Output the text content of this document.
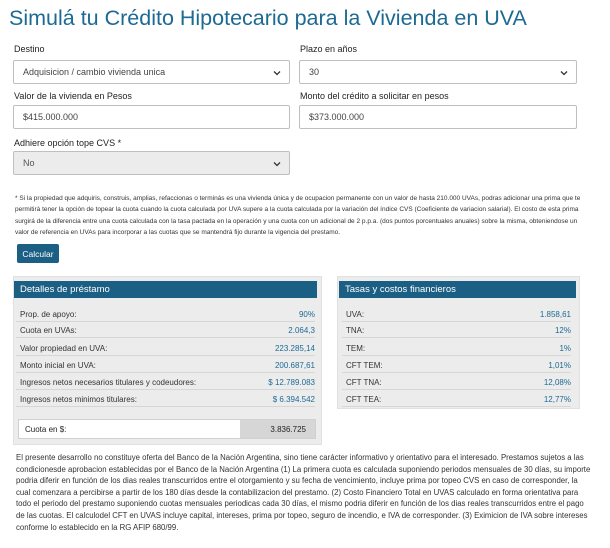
Simulá tu Crédito Hipotecario para la Vivienda en UVA
Destino
Adquisicion / cambio vivienda unica
Plazo en años
30
Valor de la vivienda en Pesos
$415.000.000
Monto del crédito a solicitar en pesos
$373.000.000
Adhiere opción tope CVS *
No

* Si la propiedad que adquiris, construis, amplias, refaccionas o terminás es una vivienda única y de ocupacion permanente con un valor de hasta 210.000 UVAs, podras adicionar una prima que te permitirá tener la opción de topear la cuota cuando la cuota calculada por UVA supere a la cuota calculada por la variación del índice CVS (Coeficiente de variacion salarial). El costo de esta prima surgirá de la diferencia entre una cuota calculada con la tasa pactada en la operación y una cuota con un adicional de 2 p.p.a. (dos puntos porcentuales anuales) sobre la misma, obteniendose un valor de referencia en UVAs para incorporar a las cuotas que se mantendrá fijo durante la vigencia del prestamo.

Calcular
Detalles de préstamo
Prop. de apoyo:	90%
Cuota en UVAs:	2.064,3
Valor propiedad en UVA:	223.285,14
Monto inicial en UVA:	200.687,61
Ingresos netos necesarios titulares y codeudores:	$ 12.789.083
Ingresos netos minimos titulares:	$ 6.394.542
Cuota en $:	3.836.725
Tasas y costos financieros
UVA:	1.858,61
TNA:	12%
TEM:	1%
CFT TEM:	1,01%
CFT TNA:	12,08%
CFT TEA:	12,77%

El presente desarrollo no constituye oferta del Banco de la Nación Argentina, sino tiene carácter informativo y orientativo para el interesado. Prestamos sujetos a las condicionesde aprobacion establecidas por el Banco de la Nación Argentina (1) La primera cuota es calculada suponiendo periodos mensuales de 30 días, su importe podria diferir en función de los dias reales transcurridos entre el otorgamiento y su fecha de vencimiento, incluye prima por topeo CVS en caso de corresponder, la cual comenzara a percibirse a partir de los 180 días desde la contabilizacion del prestamo. (2) Costo Financiero Total en UVAS calculado en forma orientativa para todo el periodo del prestamo suponiendo cuotas mensuales periodicas cada 30 días, el mismo podria diferir en función de los dias reales transcurridos entre el pago de las cuotas. El calculodel CFT en UVAS incluye capital, intereses, prima por topeo, seguro de incendio, e IVA de corresponder. (3) Eximicion de IVA sobre intereses conforme lo establecido en la RG AFIP 680/99.
